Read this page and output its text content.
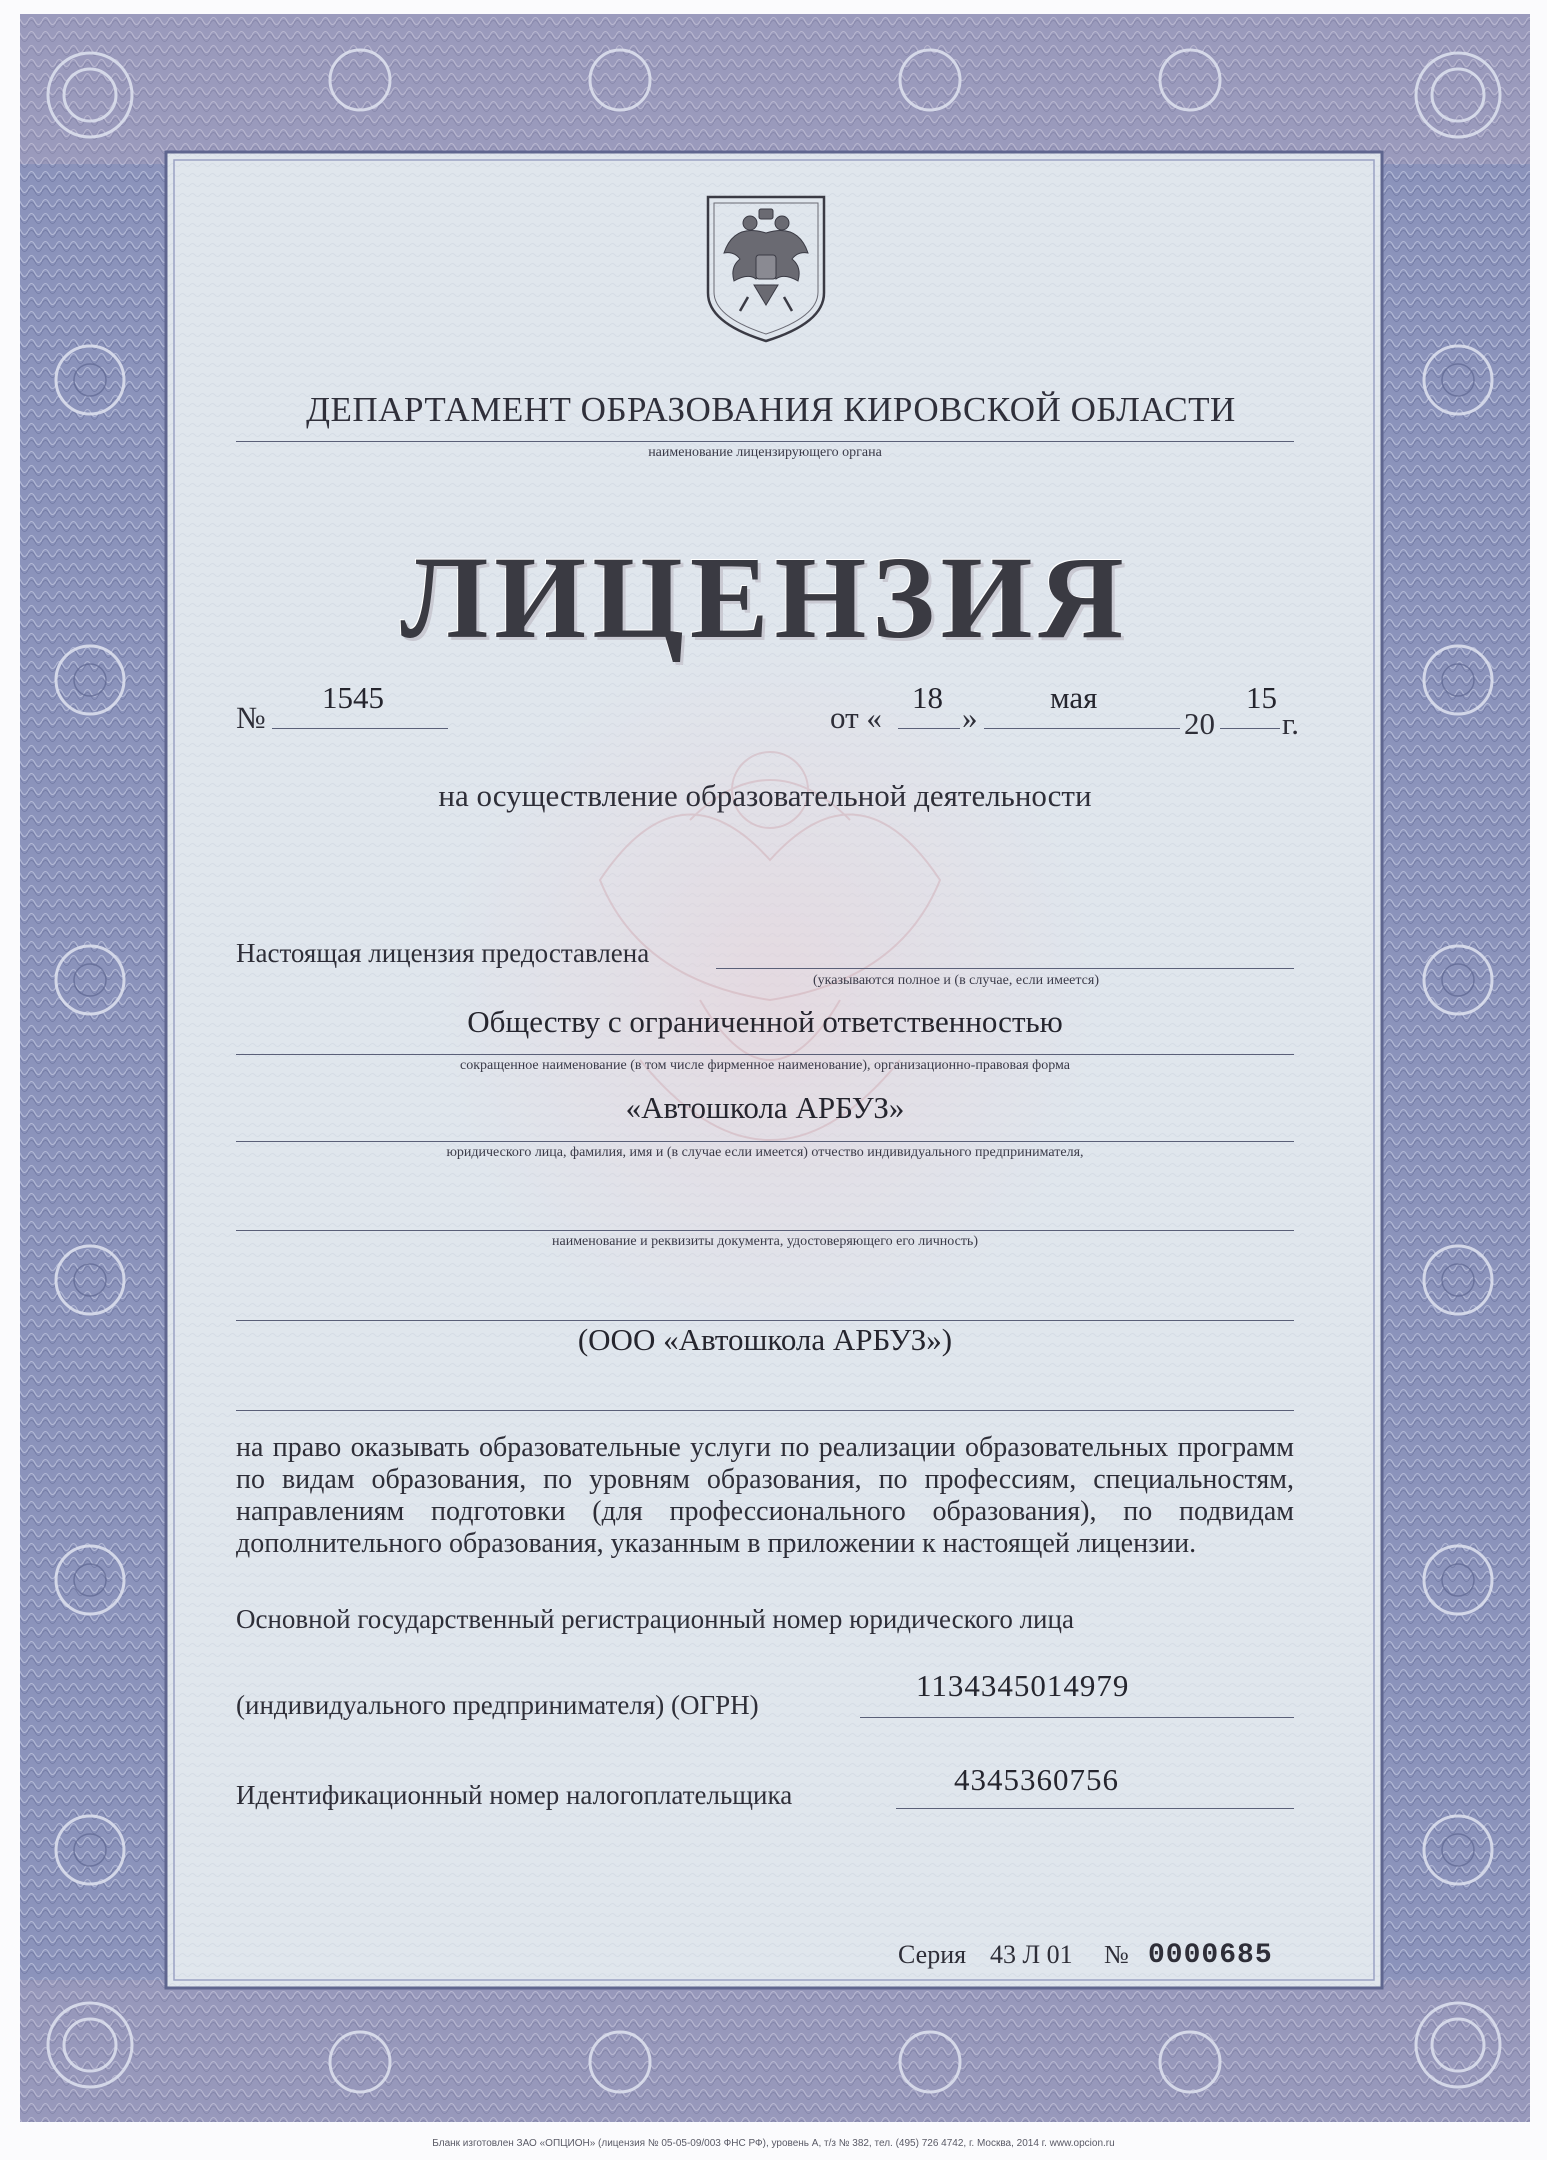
ДЕПАРТАМЕНТ ОБРАЗОВАНИЯ КИРОВСКОЙ ОБЛАСТИ
наименование лицензирующего органа
ЛИЦЕНЗИЯ
№
1545
от «
18
»
мая
20
15
г.
на осуществление образовательной деятельности
Настоящая лицензия предоставлена
(указываются полное и (в случае, если имеется)
Обществу с ограниченной ответственностью
сокращенное наименование (в том числе фирменное наименование), организационно-правовая форма
«Автошкола АРБУЗ»
юридического лица, фамилия, имя и (в случае если имеется) отчество индивидуального предпринимателя,
наименование и реквизиты документа, удостоверяющего его личность)
(ООО «Автошкола АРБУЗ»)
на право оказывать образовательные услуги по реализации образовательных программ по видам образования, по уровням образования, по профессиям, специальностям, направлениям подготовки (для профессионального образования), по подвидам дополнительного образования, указанным в приложении к настоящей лицензии.
Основной государственный регистрационный номер юридического лица
(индивидуального предпринимателя) (ОГРН)
1134345014979
Идентификационный номер налогоплательщика	4345360756
Серия 43 Л 01 № 0000685
Бланк изготовлен ЗАО «ОПЦИОН» (лицензия № 05-05-09/003 ФНС РФ), уровень А, т/з № 382, тел. (495) 726 4742, г. Москва, 2014 г. www.opcion.ru
